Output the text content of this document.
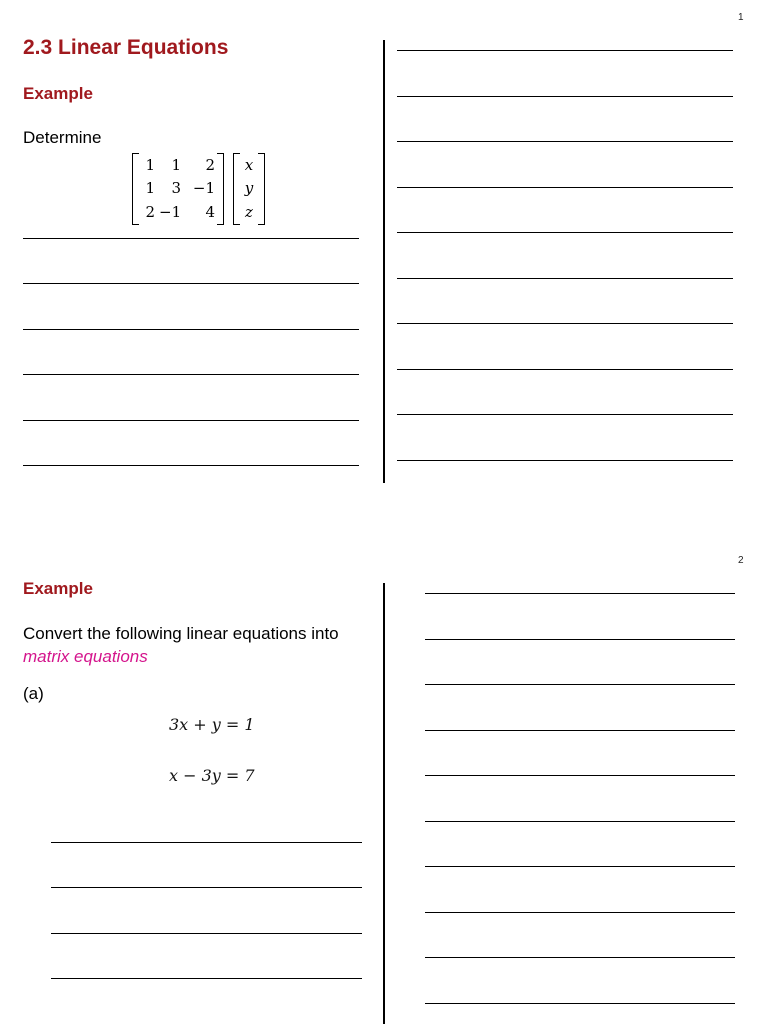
1
2.3 Linear Equations
Example
Determine
1	1	2
1	3 −1
2 −1	4
x
y
z
2
Example
Convert the following linear equations into
matrix equations
(a)
3x + y = 1
x − 3y = 7
